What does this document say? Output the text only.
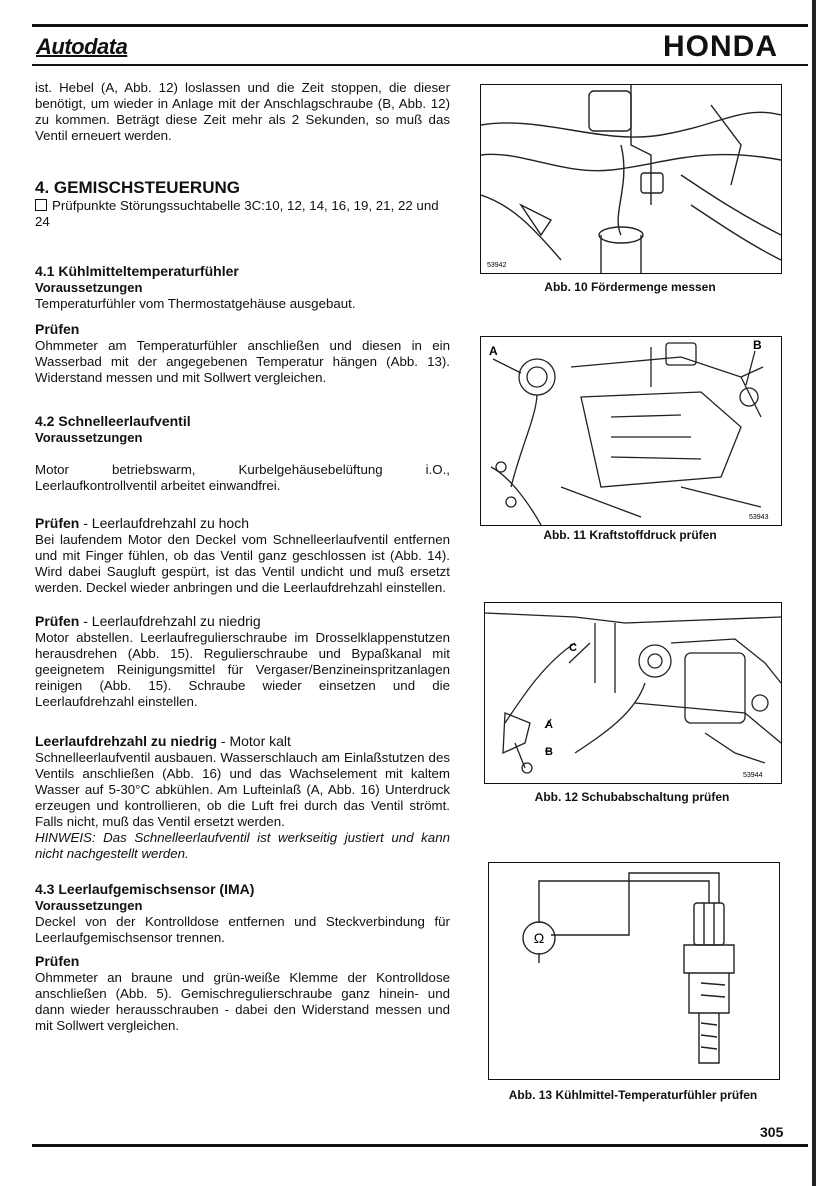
Autodata	HONDA

ist. Hebel (A, Abb. 12) loslassen und die Zeit stoppen, die dieser benötigt, um wieder in Anlage mit der Anschlagschraube (B, Abb. 12) zu kommen. Beträgt diese Zeit mehr als 2 Sekunden, so muß das Ventil erneuert werden.

4. GEMISCHSTEUERUNG

Prüfpunkte Störungssuchtabelle 3C:10, 12, 14, 16, 19, 21, 22 und 24

4.1 Kühlmitteltemperaturfühler

Voraussetzungen

Temperaturfühler vom Thermostatgehäuse ausgebaut.

Prüfen

Ohmmeter am Temperaturfühler anschließen und diesen in ein Wasserbad mit der angegebenen Temperatur hängen (Abb. 13). Widerstand messen und mit Sollwert vergleichen.

4.2 Schnelleerlaufventil

Voraussetzungen

Motor betriebswarm, Kurbelgehäusebelüftung i.O., Leerlaufkontrollventil arbeitet einwandfrei.

Prüfen - Leerlaufdrehzahl zu hoch

Bei laufendem Motor den Deckel vom Schnelleerlaufventil entfernen und mit Finger fühlen, ob das Ventil ganz geschlossen ist (Abb. 14). Wird dabei Saugluft gespürt, ist das Ventil undicht und muß ersetzt werden. Deckel wieder anbringen und die Leerlaufdrehzahl einstellen.

Prüfen - Leerlaufdrehzahl zu niedrig

Motor abstellen. Leerlaufregulierschraube im Drosselklappenstutzen herausdrehen (Abb. 15). Regulierschraube und Bypaßkanal mit geeignetem Reinigungsmittel für Vergaser/Benzineinspritzanlagen reinigen (Abb. 15). Schraube wieder einsetzen und die Leerlaufdrehzahl einstellen.

Leerlaufdrehzahl zu niedrig - Motor kalt

Schnelleerlaufventil ausbauen. Wasserschlauch am Einlaßstutzen des Ventils anschließen (Abb. 16) und das Wachselement mit kaltem Wasser auf 5-30°C abkühlen. Am Lufteinlaß (A, Abb. 16) Unterdruck erzeugen und kontrollieren, ob die Luft frei durch das Ventil strömt. Falls nicht, muß das Ventil ersetzt werden.

HINWEIS: Das Schnelleerlaufventil ist werkseitig justiert und kann nicht nachgestellt werden.

4.3 Leerlaufgemischsensor (IMA)

Voraussetzungen

Deckel von der Kontrolldose entfernen und Steckverbindung für Leerlaufgemischsensor trennen.

Prüfen

Ohmmeter an braune und grün-weiße Klemme der Kontrolldose anschließen (Abb. 5). Gemischregulierschraube ganz hinein- und dann wieder herausschrauben - dabei den Widerstand messen und mit Sollwert vergleichen.

53942
Abb. 10 Fördermenge messen
A	B
53943
Abb. 11 Kraftstoffdruck prüfen
A
B
C
53944
Abb. 12 Schubabschaltung prüfen
Ω
Abb. 13 Kühlmittel-Temperaturfühler prüfen
305
